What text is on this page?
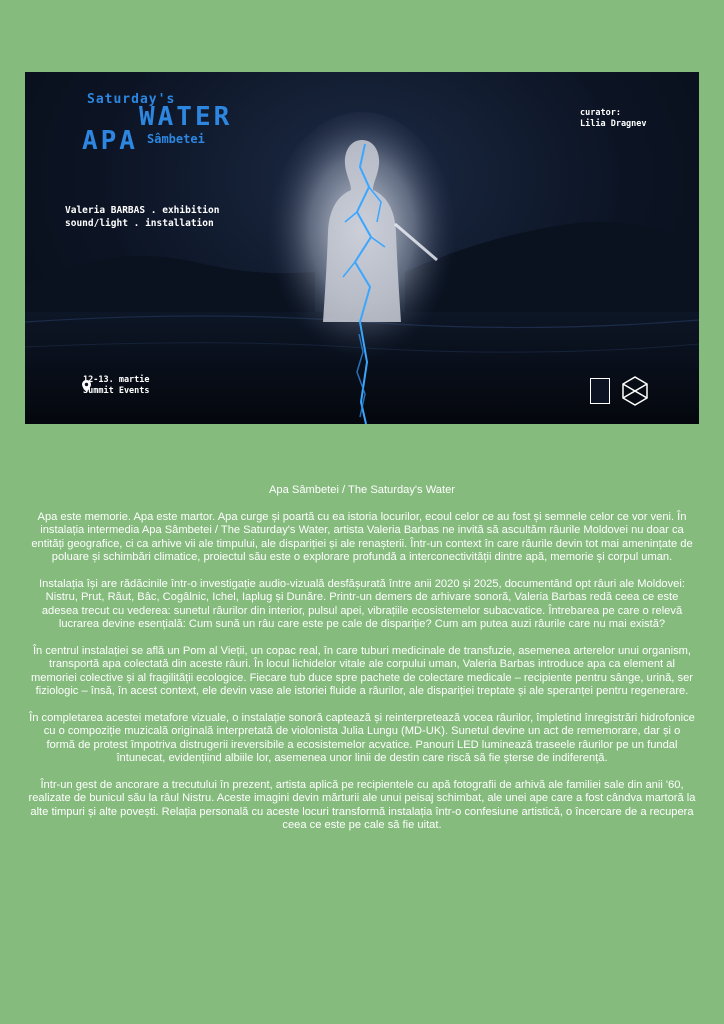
Saturday's
WATER
APA Sâmbetei
Valeria BARBAS . exhibition
sound/light . installation
curator:
Lilia Dragnev
12-13. martie
Summit Events
Apa Sâmbetei / The Saturday's Water

Apa este memorie. Apa este martor. Apa curge și poartă cu ea istoria locurilor, ecoul celor ce au fost și semnele celor ce vor veni. În instalația intermedia Apa Sâmbetei / The Saturday's Water, artista Valeria Barbas ne invită să ascultăm râurile Moldovei nu doar ca entități geografice, ci ca arhive vii ale timpului, ale dispariției și ale renașterii. Într-un context în care râurile devin tot mai amenințate de poluare și schimbări climatice, proiectul său este o explorare profundă a interconectivității dintre apă, memorie și corpul uman.

Instalația își are rădăcinile într-o investigație audio-vizuală desfășurată între anii 2020 și 2025, documentând opt râuri ale Moldovei: Nistru, Prut, Răut, Bâc, Cogâlnic, Ichel, Iaplug și Dunăre. Printr-un demers de arhivare sonoră, Valeria Barbas redă ceea ce este adesea trecut cu vederea: sunetul râurilor din interior, pulsul apei, vibrațiile ecosistemelor subacvatice. Întrebarea pe care o relevă lucrarea devine esențială: Cum sună un râu care este pe cale de dispariție? Cum am putea auzi râurile care nu mai există?

În centrul instalației se află un Pom al Vieții, un copac real, în care tuburi medicinale de transfuzie, asemenea arterelor unui organism, transportă apa colectată din aceste râuri. În locul lichidelor vitale ale corpului uman, Valeria Barbas introduce apa ca element al memoriei colective și al fragilității ecologice. Fiecare tub duce spre pachete de colectare medicale – recipiente pentru sânge, urină, ser fiziologic – însă, în acest context, ele devin vase ale istoriei fluide a râurilor, ale dispariției treptate și ale speranței pentru regenerare.

În completarea acestei metafore vizuale, o instalație sonoră captează și reinterpretează vocea râurilor, împletind înregistrări hidrofonice cu o compoziție muzicală originală interpretată de violonista Julia Lungu (MD-UK). Sunetul devine un act de rememorare, dar și o formă de protest împotriva distrugerii ireversibile a ecosistemelor acvatice. Panouri LED luminează traseele râurilor pe un fundal întunecat, evidențiind albiile lor, asemenea unor linii de destin care riscă să fie șterse de indiferență.

Într-un gest de ancorare a trecutului în prezent, artista aplică pe recipientele cu apă fotografii de arhivă ale familiei sale din anii '60, realizate de bunicul său la râul Nistru. Aceste imagini devin mărturii ale unui peisaj schimbat, ale unei ape care a fost cândva martoră la alte timpuri și alte povești. Relația personală cu aceste locuri transformă instalația într-o confesiune artistică, o încercare de a recupera ceea ce este pe cale să fie uitat.
